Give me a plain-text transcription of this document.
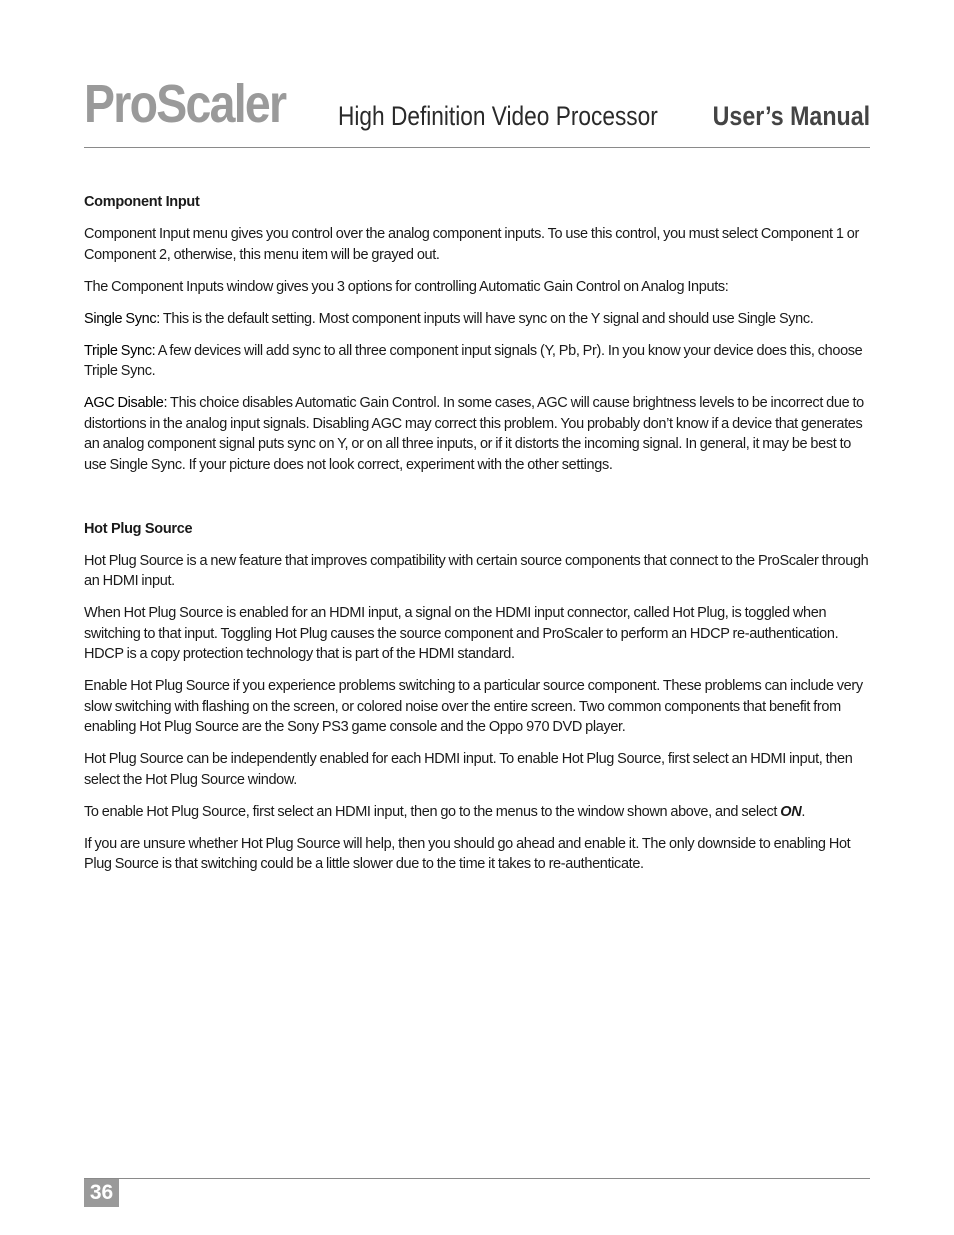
ProScaler High Definition Video Processor User’s Manual
Component Input

Component Input menu gives you control over the analog component inputs. To use this control, you must select Component 1 or Component 2, otherwise, this menu item will be grayed out.

The Component Inputs window gives you 3 options for controlling Automatic Gain Control on Analog Inputs:

Single Sync: This is the default setting. Most component inputs will have sync on the Y signal and should use Single Sync.

Triple Sync: A few devices will add sync to all three component input signals (Y, Pb, Pr). In you know your device does this, choose Triple Sync.

AGC Disable: This choice disables Automatic Gain Control. In some cases, AGC will cause brightness levels to be incorrect due to distortions in the analog input signals. Disabling AGC may correct this problem. You probably don’t know if a device that generates an analog component signal puts sync on Y, or on all three inputs, or if it distorts the incoming signal. In general, it may be best to use Single Sync. If your picture does not look correct, experiment with the other settings.

Hot Plug Source

Hot Plug Source is a new feature that improves compatibility with certain source components that connect to the ProScaler through an HDMI input.

When Hot Plug Source is enabled for an HDMI input, a signal on the HDMI input connector, called Hot Plug, is toggled when switching to that input. Toggling Hot Plug causes the source component and ProScaler to perform an HDCP re-authentication. HDCP is a copy protection technology that is part of the HDMI standard.

Enable Hot Plug Source if you experience problems switching to a particular source component. These problems can include very slow switching with flashing on the screen, or colored noise over the entire screen. Two common components that benefit from enabling Hot Plug Source are the Sony PS3 game console and the Oppo 970 DVD player.

Hot Plug Source can be independently enabled for each HDMI input. To enable Hot Plug Source, first select an HDMI input, then select the Hot Plug Source window.

To enable Hot Plug Source, first select an HDMI input, then go to the menus to the window shown above, and select ON.

If you are unsure whether Hot Plug Source will help, then you should go ahead and enable it. The only downside to enabling Hot Plug Source is that switching could be a little slower due to the time it takes to re-authenticate.

36
